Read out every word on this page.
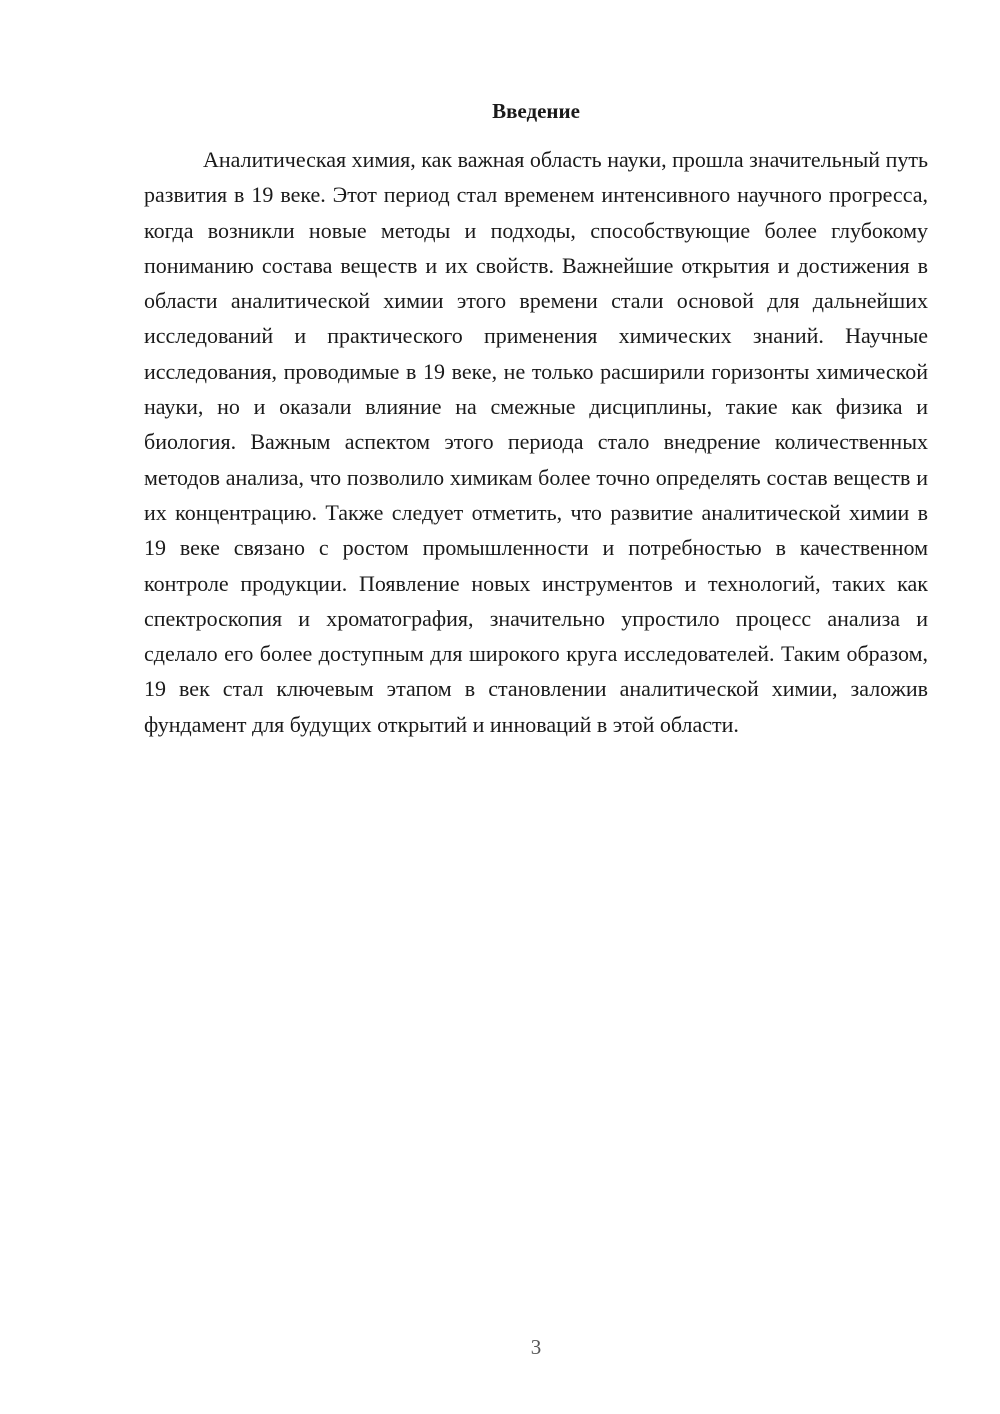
Введение

Аналитическая химия, как важная область науки, прошла значительный путь развития в 19 веке. Этот период стал временем интенсивного научного прогресса, когда возникли новые методы и подходы, способствующие более глубокому пониманию состава веществ и их свойств. Важнейшие открытия и достижения в области аналитической химии этого времени стали основой для дальнейших исследований и практического применения химических знаний. Научные исследования, проводимые в 19 веке, не только расширили горизонты химической науки, но и оказали влияние на смежные дисциплины, такие как физика и биология. Важным аспектом этого периода стало внедрение количественных методов анализа, что позволило химикам более точно определять состав веществ и их концентрацию. Также следует отметить, что развитие аналитической химии в 19 веке связано с ростом промышленности и потребностью в качественном контроле продукции. Появление новых инструментов и технологий, таких как спектроскопия и хроматография, значительно упростило процесс анализа и сделало его более доступным для широкого круга исследователей. Таким образом, 19 век стал ключевым этапом в становлении аналитической химии, заложив фундамент для будущих открытий и инноваций в этой области.

3
